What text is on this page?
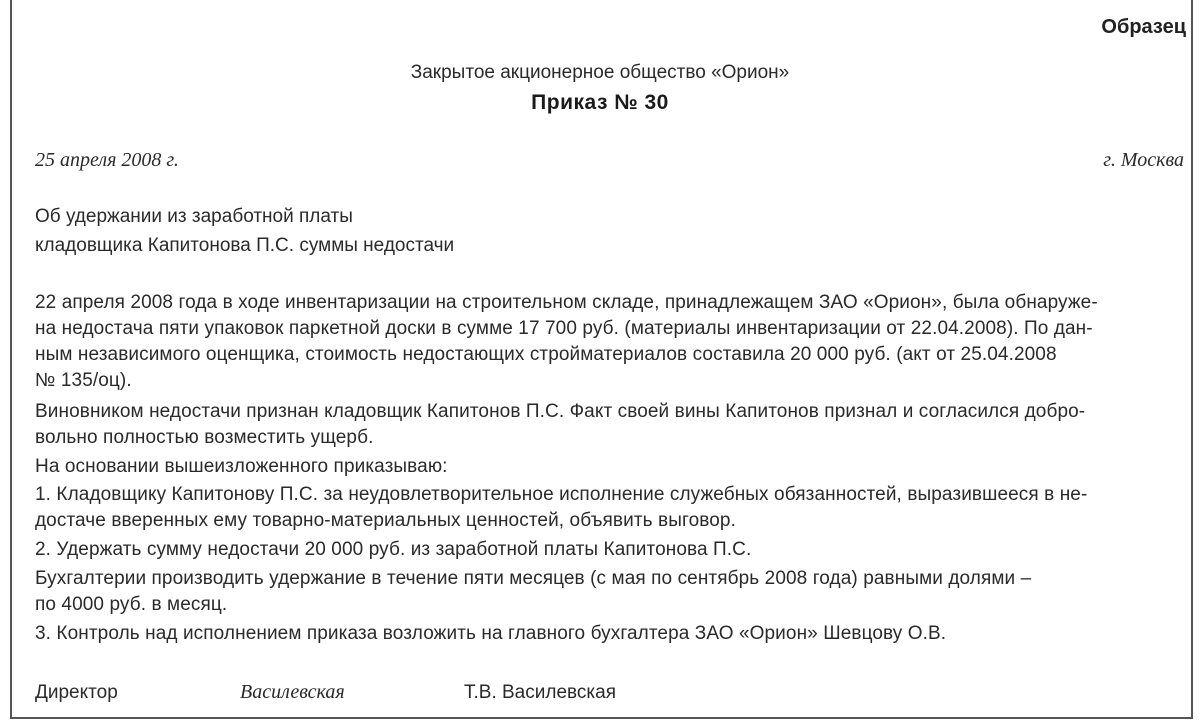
Образец
Закрытое акционерное общество «Орион»
Приказ № 30
25 апреля 2008 г.	г. Москва
Об удержании из заработной платы
кладовщика Капитонова П.С. суммы недостачи
22 апреля 2008 года в ходе инвентаризации на строительном складе, принадлежащем ЗАО «Орион», была обнаруже-
на недостача пяти упаковок паркетной доски в сумме 17 700 руб. (материалы инвентаризации от 22.04.2008). По дан-
ным независимого оценщика, стоимость недостающих стройматериалов составила 20 000 руб. (акт от 25.04.2008
№ 135/оц).
Виновником недостачи признан кладовщик Капитонов П.С. Факт своей вины Капитонов признал и согласился добро-
вольно полностью возместить ущерб.
На основании вышеизложенного приказываю:
1. Кладовщику Капитонову П.С. за неудовлетворительное исполнение служебных обязанностей, выразившееся в не-
достаче вверенных ему товарно-материальных ценностей, объявить выговор.
2. Удержать сумму недостачи 20 000 руб. из заработной платы Капитонова П.С.
Бухгалтерии производить удержание в течение пяти месяцев (с мая по сентябрь 2008 года) равными долями –
по 4000 руб. в месяц.
3. Контроль над исполнением приказа возложить на главного бухгалтера ЗАО «Орион» Шевцову О.В.
Директор	Васuлевская	Т.В. Василевская
